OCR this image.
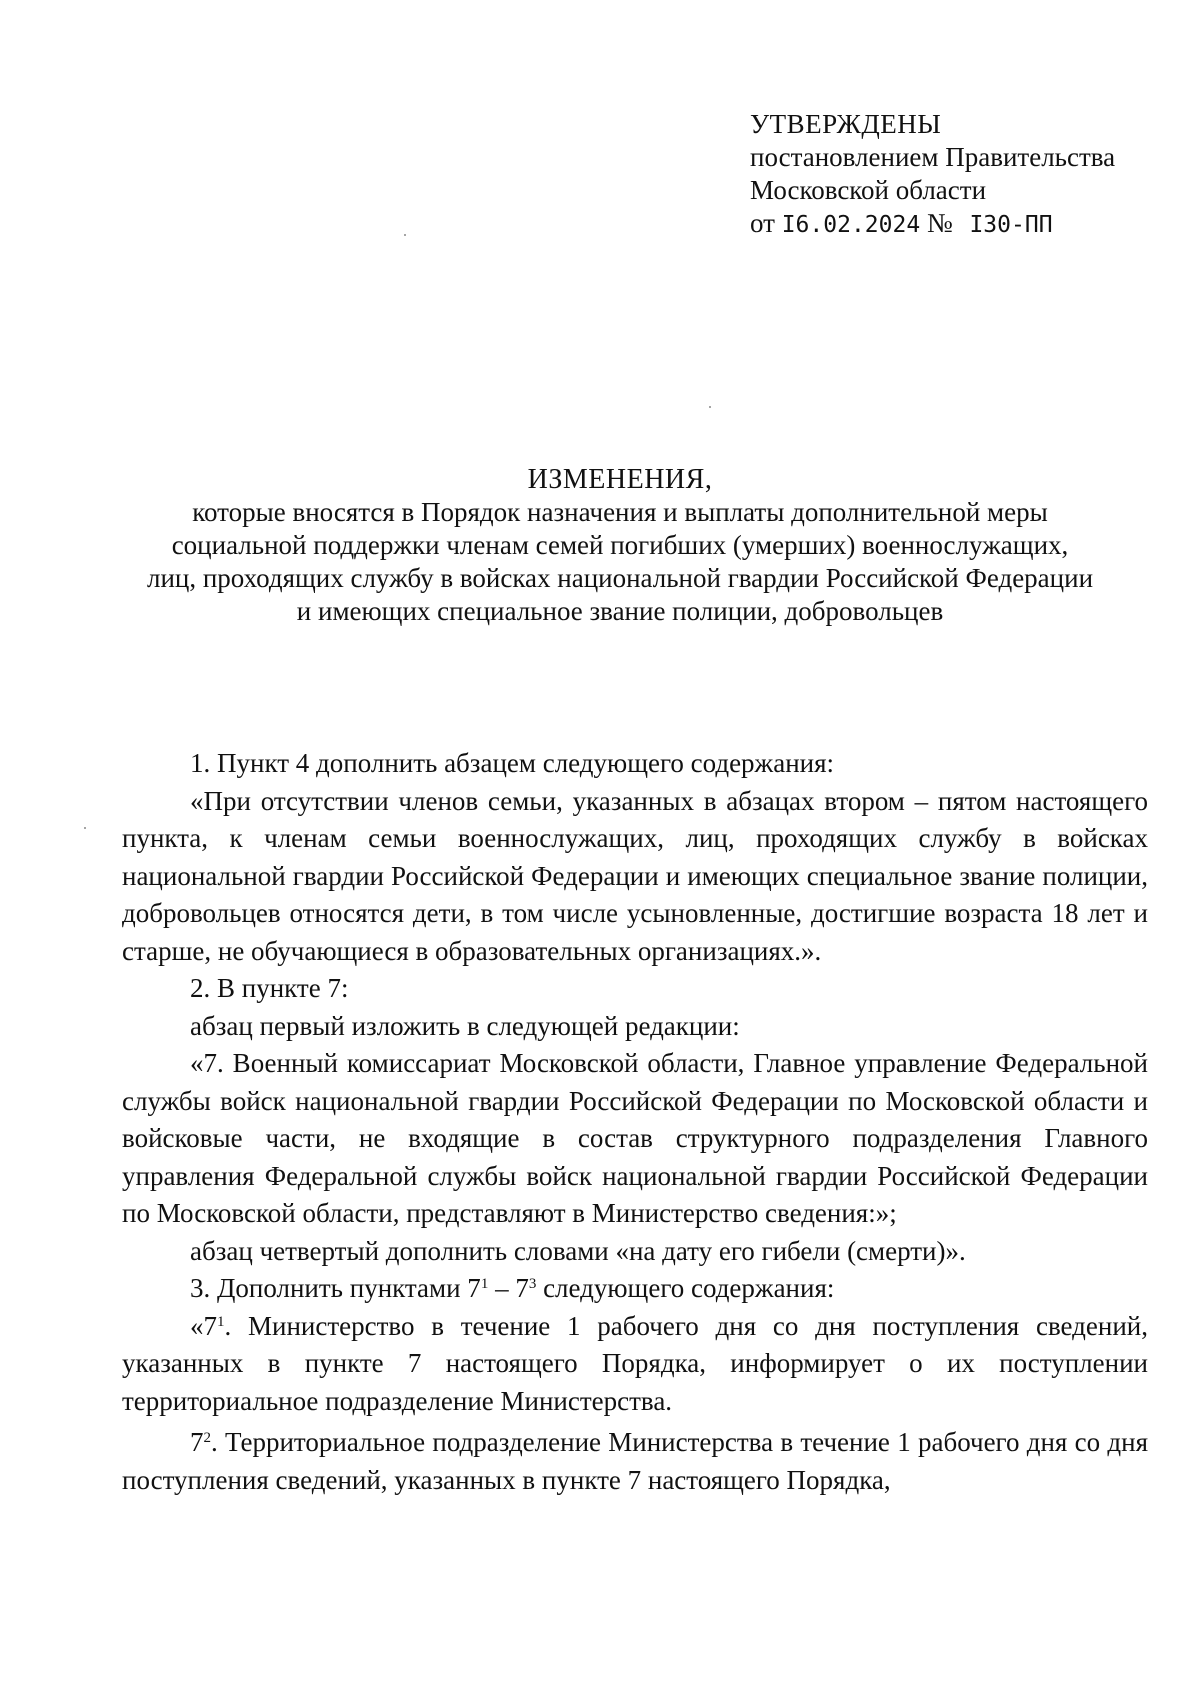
УТВЕРЖДЕНЫ
постановлением Правительства
Московской области
от I6.02.2024 № I30-ПП
ИЗМЕНЕНИЯ,
которые вносятся в Порядок назначения и выплаты дополнительной меры
социальной поддержки членам семей погибших (умерших) военнослужащих,
лиц, проходящих службу в войсках национальной гвардии Российской Федерации
и имеющих специальное звание полиции, добровольцев

1. Пункт 4 дополнить абзацем следующего содержания:

«При отсутствии членов семьи, указанных в абзацах втором – пятом настоящего пункта, к членам семьи военнослужащих, лиц, проходящих службу в войсках национальной гвардии Российской Федерации и имеющих специальное звание полиции, добровольцев относятся дети, в том числе усыновленные, достигшие возраста 18 лет и старше, не обучающиеся в образовательных организациях.».

2. В пункте 7:

абзац первый изложить в следующей редакции:

«7. Военный комиссариат Московской области, Главное управление Федеральной службы войск национальной гвардии Российской Федерации по Московской области и войсковые части, не входящие в состав структурного подразделения Главного управления Федеральной службы войск национальной гвардии Российской Федерации по Московской области, представляют в Министерство сведения:»;

абзац четвертый дополнить словами «на дату его гибели (смерти)».

3. Дополнить пунктами $7^1 - 7^3$ следующего содержания:

«$7^1$. Министерство в течение 1 рабочего дня со дня поступления сведений, указанных в пункте 7 настоящего Порядка, информирует о их поступлении территориальное подразделение Министерства.

$7^2$. Территориальное подразделение Министерства в течение 1 рабочего дня со дня поступления сведений, указанных в пункте 7 настоящего Порядка,
